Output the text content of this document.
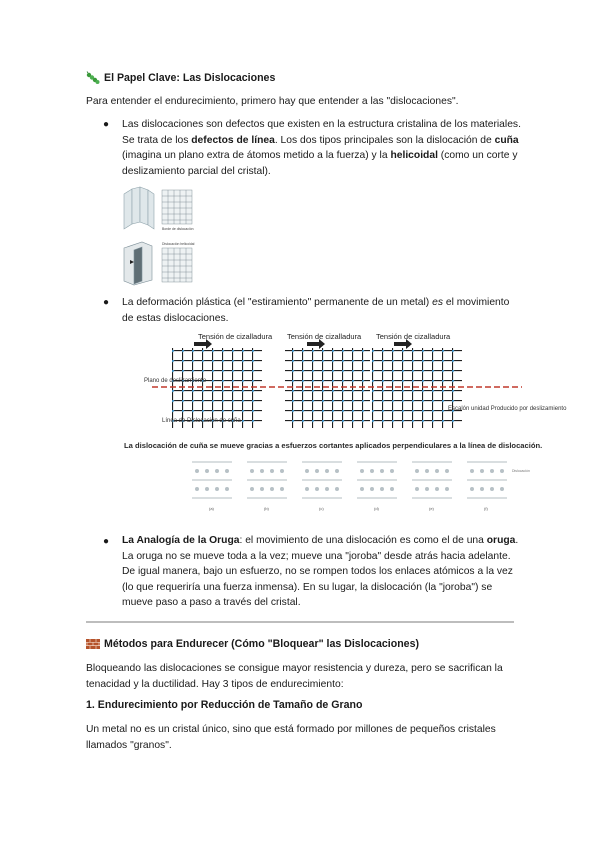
El Papel Clave: Las Dislocaciones

Para entender el endurecimiento, primero hay que entender a las "dislocaciones".

● Las dislocaciones son defectos que existen en la estructura cristalina de los materiales. Se trata de los defectos de línea. Los dos tipos principales son la dislocación de cuña (imagina un plano extra de átomos metido a la fuerza) y la helicoidal (como un corte y deslizamiento parcial del cristal).
Borde de dislocación
Dislocación helicoidal
● La deformación plástica (el "estiramiento" permanente de un metal) es el movimiento de estas dislocaciones.
Tensión de cizalladura Tensión de cizalladura Tensión de cizalladura
Plano de deslizamiento
Línea de Dislocación de cuña
Escalón unidad Producido por deslizamiento
La dislocación de cuña se mueve gracias a esfuerzos cortantes aplicados perpendiculares a la línea de dislocación.
Dislocación
(a)	(b)	(c)	(d)	(e)	(f)
● La Analogía de la Oruga: el movimiento de una dislocación es como el de una oruga. La oruga no se mueve toda a la vez; mueve una "joroba" desde atrás hacia adelante. De igual manera, bajo un esfuerzo, no se rompen todos los enlaces atómicos a la vez (lo que requeriría una fuerza inmensa). En su lugar, la dislocación (la "joroba") se mueve paso a paso a través del cristal.
Métodos para Endurecer (Cómo "Bloquear" las Dislocaciones)

Bloqueando las dislocaciones se consigue mayor resistencia y dureza, pero se sacrifican la tenacidad y la ductilidad. Hay 3 tipos de endurecimiento:

1. Endurecimiento por Reducción de Tamaño de Grano

Un metal no es un cristal único, sino que está formado por millones de pequeños cristales llamados "granos".
